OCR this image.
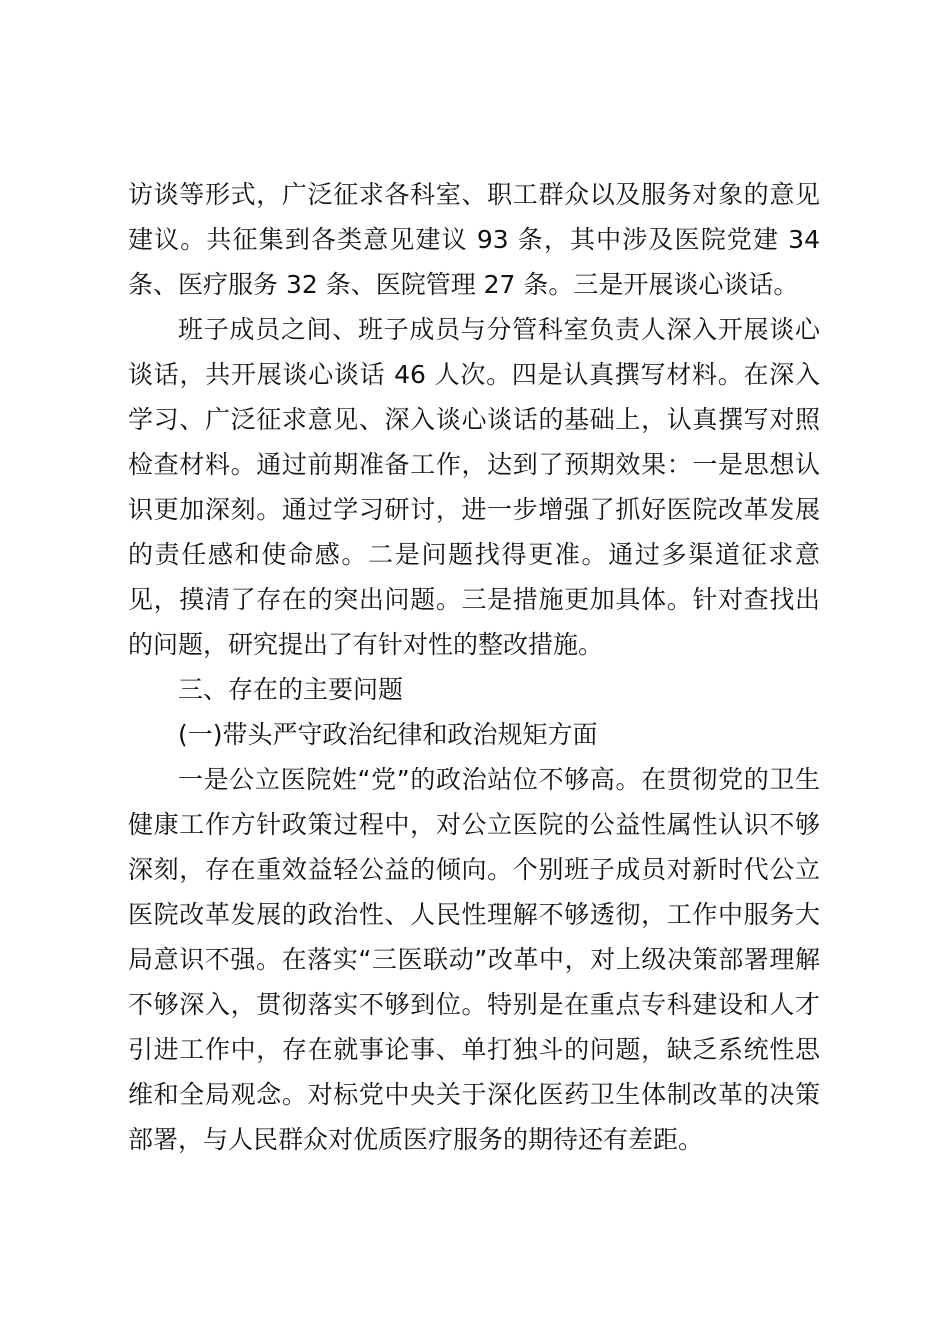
访谈等形式，广泛征求各科室、职工群众以及服务对象的意见
建议。共征集到各类意见建议 93 条，其中涉及医院党建 34
条、医疗服务 32 条、医院管理 27 条。三是开展谈心谈话。
班子成员之间、班子成员与分管科室负责人深入开展谈心
谈话，共开展谈心谈话 46 人次。四是认真撰写材料。在深入
学习、广泛征求意见、深入谈心谈话的基础上，认真撰写对照
检查材料。通过前期准备工作，达到了预期效果：一是思想认
识更加深刻。通过学习研讨，进一步增强了抓好医院改革发展
的责任感和使命感。二是问题找得更准。通过多渠道征求意
见，摸清了存在的突出问题。三是措施更加具体。针对查找出
的问题，研究提出了有针对性的整改措施。
三、存在的主要问题
(一)带头严守政治纪律和政治规矩方面
一是公立医院姓“党”的政治站位不够高。在贯彻党的卫生
健康工作方针政策过程中，对公立医院的公益性属性认识不够
深刻，存在重效益轻公益的倾向。个别班子成员对新时代公立
医院改革发展的政治性、人民性理解不够透彻，工作中服务大
局意识不强。在落实“三医联动”改革中，对上级决策部署理解
不够深入，贯彻落实不够到位。特别是在重点专科建设和人才
引进工作中，存在就事论事、单打独斗的问题，缺乏系统性思
维和全局观念。对标党中央关于深化医药卫生体制改革的决策
部署，与人民群众对优质医疗服务的期待还有差距。
